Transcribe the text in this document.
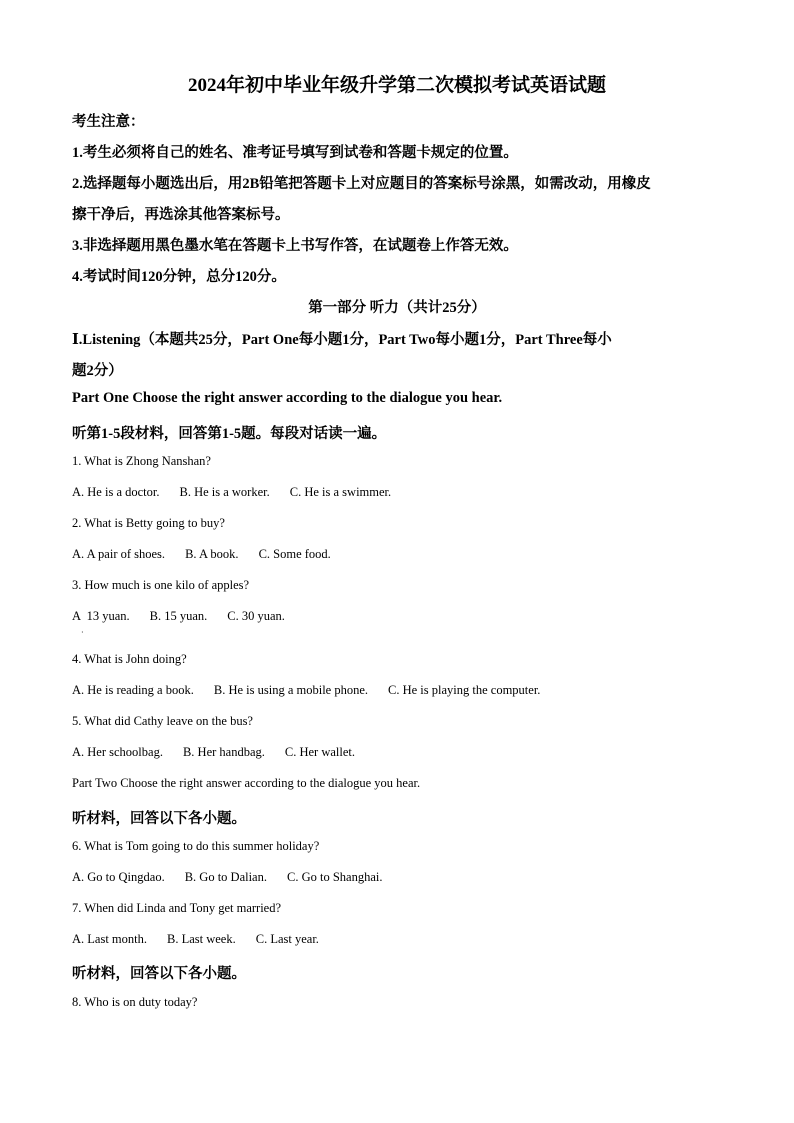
2024年初中毕业年级升学第二次模拟考试英语试题
考生注意：
1.考生必须将自己的姓名、准考证号填写到试卷和答题卡规定的位置。
2.选择题每小题选出后，用2B铅笔把答题卡上对应题目的答案标号涂黑，如需改动，用橡皮
擦干净后，再选涂其他答案标号。
3.非选择题用黑色墨水笔在答题卡上书写作答，在试题卷上作答无效。
4.考试时间120分钟，总分120分。
第一部分 听力（共计25分）
Ⅰ.Listening（本题共25分，Part One每小题1分，Part Two每小题1分，Part Three每小
题2分）
Part One Choose the right answer according to the dialogue you hear.
听第1-5段材料，回答第1-5题。每段对话读一遍。
1. What is Zhong Nanshan?
A. He is a doctor. B. He is a worker. C. He is a swimmer.
2. What is Betty going to buy?
A. A pair of shoes. B. A book. C. Some food.
3. How much is one kilo of apples?
A  13 yuan. B. 15 yuan. C. 30 yuan.
·
4. What is John doing?
A. He is reading a book. B. He is using a mobile phone. C. He is playing the computer.
5. What did Cathy leave on the bus?
A. Her schoolbag. B. Her handbag. C. Her wallet.
Part Two Choose the right answer according to the dialogue you hear.
听材料，回答以下各小题。
6. What is Tom going to do this summer holiday?
A. Go to Qingdao. B. Go to Dalian. C. Go to Shanghai.
7. When did Linda and Tony get married?
A. Last month. B. Last week. C. Last year.
听材料，回答以下各小题。
8. Who is on duty today?
